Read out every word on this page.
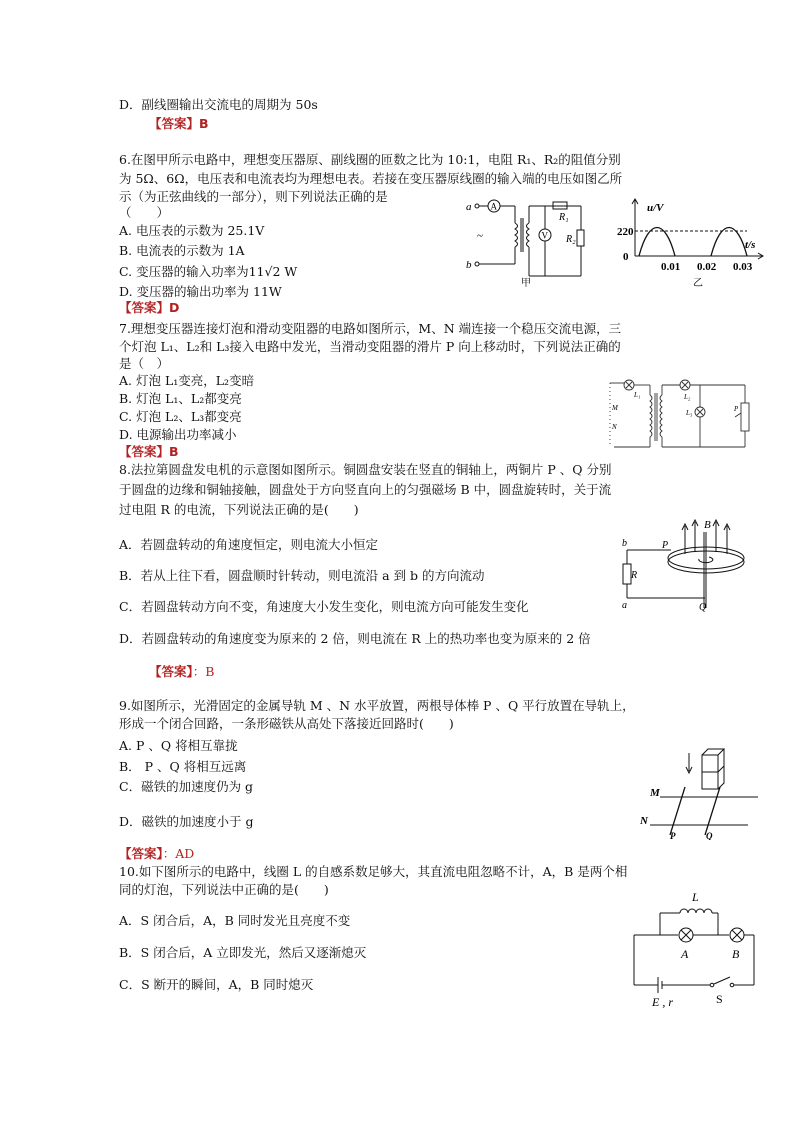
D．副线圈输出交流电的周期为 50s
【答案】B
6.在图甲所示电路中，理想变压器原、副线圈的匝数之比为 10:1，电阻 R₁、R₂的阻值分别
为 5Ω、6Ω，电压表和电流表均为理想电表。若接在变压器原线圈的输入端的电压如图乙所
示（为正弦曲线的一部分），则下列说法正确的是
（　　）
A. 电压表的示数为 25.1V
B. 电流表的示数为 1A
C. 变压器的输入功率为11√2 W
D. 变压器的输出功率为 11W
【答案】D
a
b
~
A
V
R₁
R₂
甲
u/V
220
0
t/s
0.01 0.02 0.03
乙
7.理想变压器连接灯泡和滑动变阻器的电路如图所示，M、N 端连接一个稳压交流电源，三
个灯泡 L₁、L₂和 L₃接入电路中发光，当滑动变阻器的滑片 P 向上移动时，下列说法正确的
是（　）
A. 灯泡 L₁变亮，L₂变暗
B. 灯泡 L₁、L₂都变亮
C. 灯泡 L₂、L₃都变亮
D. 电源输出功率减小
【答案】B
M
N
L₁	L₂
L₃	P
8.法拉第圆盘发电机的示意图如图所示。铜圆盘安装在竖直的铜轴上，两铜片 P 、Q 分别
于圆盘的边缘和铜轴接触，圆盘处于方向竖直向上的匀强磁场 B 中，圆盘旋转时，关于流
过电阻 R 的电流，下列说法正确的是(　　)
A．若圆盘转动的角速度恒定，则电流大小恒定
B．若从上往下看，圆盘顺时针转动，则电流沿 a 到 b 的方向流动
C．若圆盘转动方向不变，角速度大小发生变化，则电流方向可能发生变化
D．若圆盘转动的角速度变为原来的 2 倍，则电流在 R 上的热功率也变为原来的 2 倍
【答案】：B
B
P
Q
R
b
a
9.如图所示，光滑固定的金属导轨 M 、N 水平放置，两根导体棒 P 、Q 平行放置在导轨上，
形成一个闭合回路，一条形磁铁从高处下落接近回路时(　　)
A. P 、Q 将相互靠拢
B． P 、Q 将相互远离
C．磁铁的加速度仍为 g
D．磁铁的加速度小于 g
【答案】：AD
M
N
P	Q
10.如下图所示的电路中，线圈 L 的自感系数足够大，其直流电阻忽略不计，A，B 是两个相
同的灯泡，下列说法中正确的是(　　)
A．S 闭合后，A，B 同时发光且亮度不变
B．S 闭合后，A 立即发光，然后又逐渐熄灭
C．S 断开的瞬间，A，B 同时熄灭
L
A	B
E , r	S
